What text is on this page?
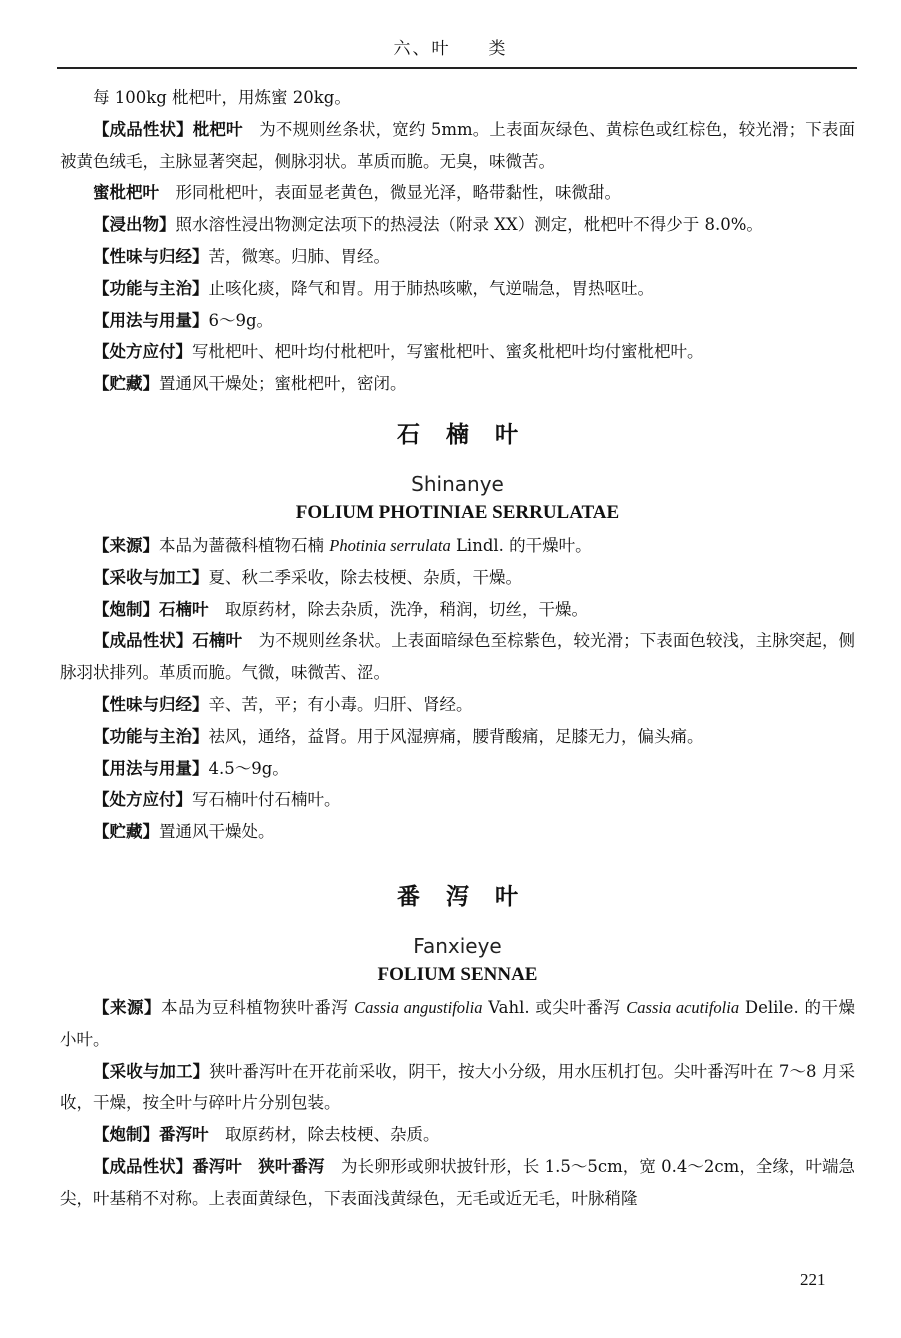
六、叶　　类

每 100kg 枇杷叶，用炼蜜 20kg。

【成品性状】枇杷叶　为不规则丝条状，宽约 5mm。上表面灰绿色、黄棕色或红棕色，较光滑；下表面被黄色绒毛，主脉显著突起，侧脉羽状。革质而脆。无臭，味微苦。

蜜枇杷叶　形同枇杷叶，表面显老黄色，微显光泽，略带黏性，味微甜。

【浸出物】照水溶性浸出物测定法项下的热浸法（附录 XX）测定，枇杷叶不得少于 8.0%。

【性味与归经】苦，微寒。归肺、胃经。

【功能与主治】止咳化痰，降气和胃。用于肺热咳嗽，气逆喘急，胃热呕吐。

【用法与用量】6～9g。

【处方应付】写枇杷叶、杷叶均付枇杷叶，写蜜枇杷叶、蜜炙枇杷叶均付蜜枇杷叶。

【贮藏】置通风干燥处；蜜枇杷叶，密闭。

石楠叶
Shinanye
FOLIUM PHOTINIAE SERRULATAE

【来源】本品为蔷薇科植物石楠 Photinia serrulata Lindl. 的干燥叶。

【采收与加工】夏、秋二季采收，除去枝梗、杂质，干燥。

【炮制】石楠叶　取原药材，除去杂质，洗净，稍润，切丝，干燥。

【成品性状】石楠叶　为不规则丝条状。上表面暗绿色至棕紫色，较光滑；下表面色较浅，主脉突起，侧脉羽状排列。革质而脆。气微，味微苦、涩。

【性味与归经】辛、苦，平；有小毒。归肝、肾经。

【功能与主治】祛风，通络，益肾。用于风湿痹痛，腰背酸痛，足膝无力，偏头痛。

【用法与用量】4.5～9g。

【处方应付】写石楠叶付石楠叶。

【贮藏】置通风干燥处。

番泻叶
Fanxieye
FOLIUM SENNAE

【来源】本品为豆科植物狭叶番泻 Cassia angustifolia Vahl. 或尖叶番泻 Cassia acutifolia Delile. 的干燥小叶。

【采收与加工】狭叶番泻叶在开花前采收，阴干，按大小分级，用水压机打包。尖叶番泻叶在 7～8 月采收，干燥，按全叶与碎叶片分别包装。

【炮制】番泻叶　取原药材，除去枝梗、杂质。

【成品性状】番泻叶　狭叶番泻　为长卵形或卵状披针形，长 1.5～5cm，宽 0.4～2cm，全缘，叶端急尖，叶基稍不对称。上表面黄绿色，下表面浅黄绿色，无毛或近无毛，叶脉稍隆

221
